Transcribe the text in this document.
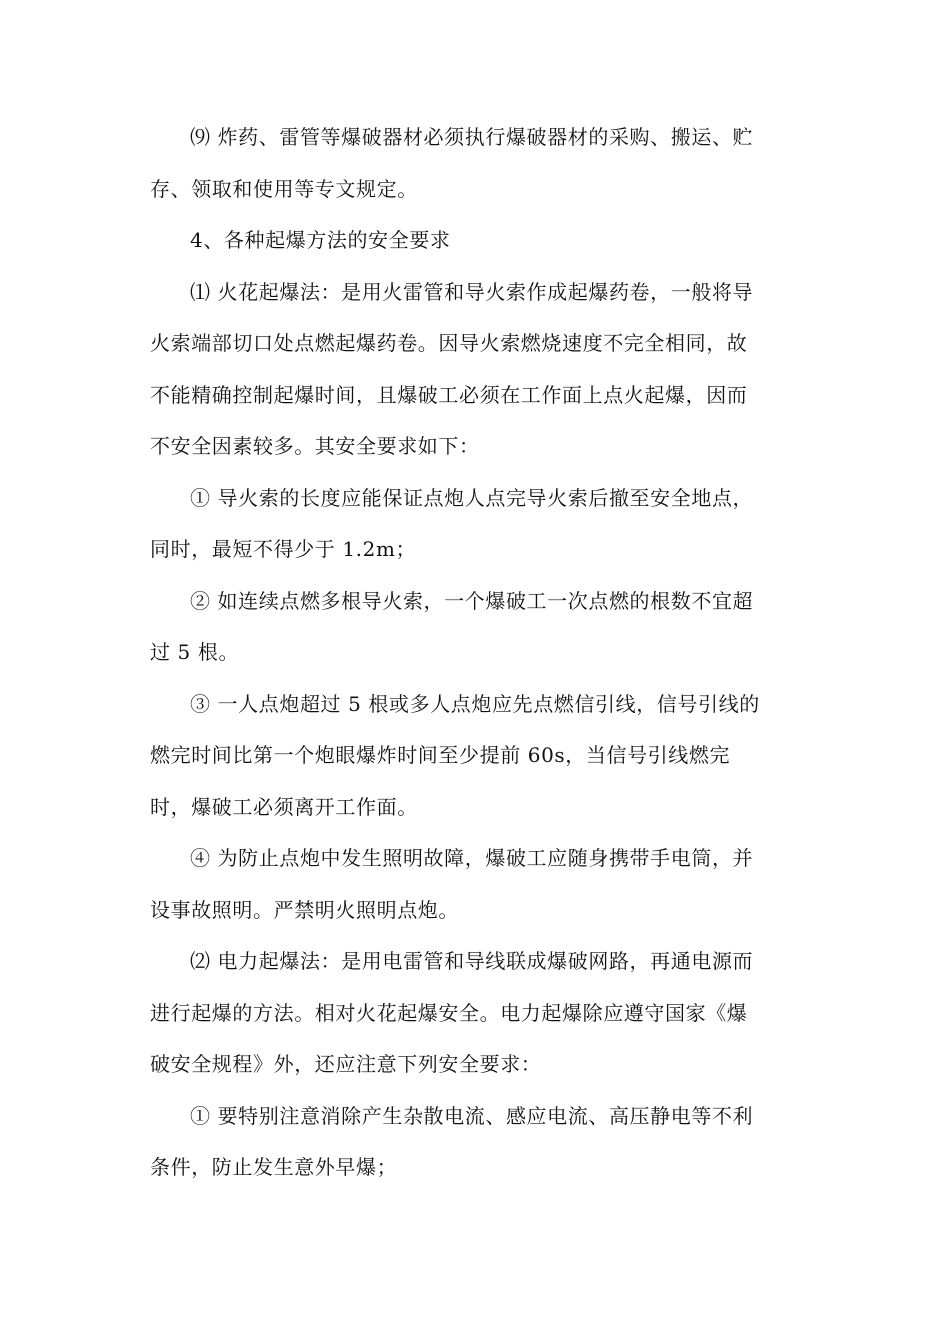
⑼ 炸药、雷管等爆破器材必须执行爆破器材的采购、搬运、贮
存、领取和使用等专文规定。

4、各种起爆方法的安全要求

⑴ 火花起爆法：是用火雷管和导火索作成起爆药卷，一般将导
火索端部切口处点燃起爆药卷。因导火索燃烧速度不完全相同，故
不能精确控制起爆时间，且爆破工必须在工作面上点火起爆，因而
不安全因素较多。其安全要求如下：

① 导火索的长度应能保证点炮人点完导火索后撤至安全地点，
同时，最短不得少于 1.2m；

② 如连续点燃多根导火索，一个爆破工一次点燃的根数不宜超
过 5 根。

③ 一人点炮超过 5 根或多人点炮应先点燃信引线，信号引线的
燃完时间比第一个炮眼爆炸时间至少提前 60s，当信号引线燃完
时，爆破工必须离开工作面。

④ 为防止点炮中发生照明故障，爆破工应随身携带手电筒，并
设事故照明。严禁明火照明点炮。

⑵ 电力起爆法：是用电雷管和导线联成爆破网路，再通电源而
进行起爆的方法。相对火花起爆安全。电力起爆除应遵守国家《爆
破安全规程》外，还应注意下列安全要求：

① 要特别注意消除产生杂散电流、感应电流、高压静电等不利
条件，防止发生意外早爆；
